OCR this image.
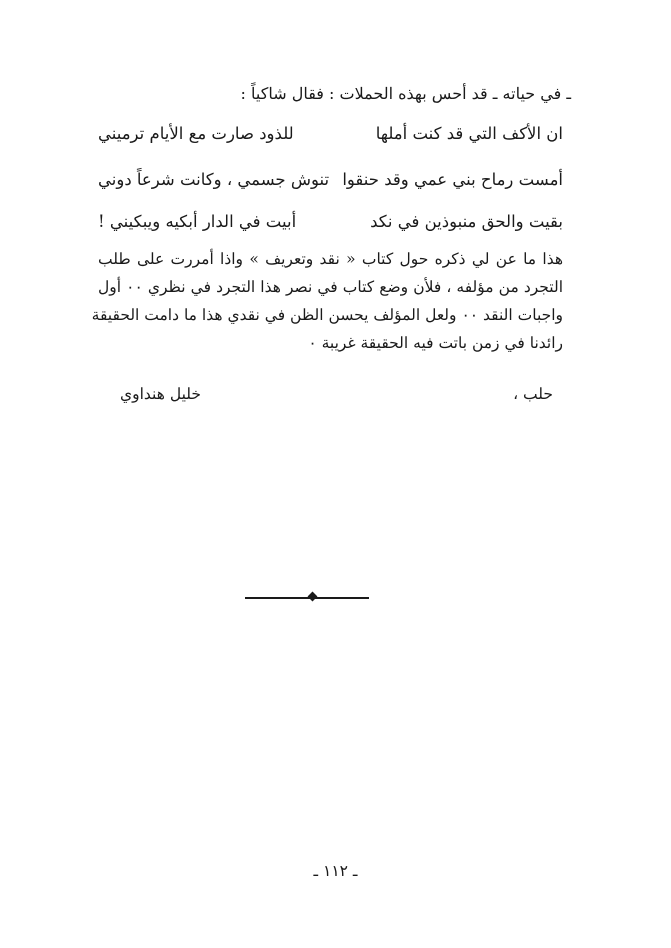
ـ في حياته ـ قد أحس بهذه الحملات : فقال شاكياً :
ان الأكف التي قد كنت أملها
للذود صارت مع الأيام ترميني
أمست رماح بني عمي وقد حنقوا
تنوش جسمي ، وكانت شرعاً دوني
بقيت والحق منبوذين في نكد
أبيت في الدار أبكيه ويبكيني !
هذا ما عن لي ذكره حول كتاب « نقد وتعريف » واذا أمررت على طلب
التجرد من مؤلفه ، فلأن وضع كتاب في نصر هذا التجرد في نظري ٠٠ أول
واجبات النقد ٠٠ ولعل المؤلف يحسن الظن في نقدي هذا ما دامت الحقيقة
رائدنا في زمن باتت فيه الحقيقة غريبة ٠
حلب ،
خليل هنداوي
ـ ١١٢ ـ
